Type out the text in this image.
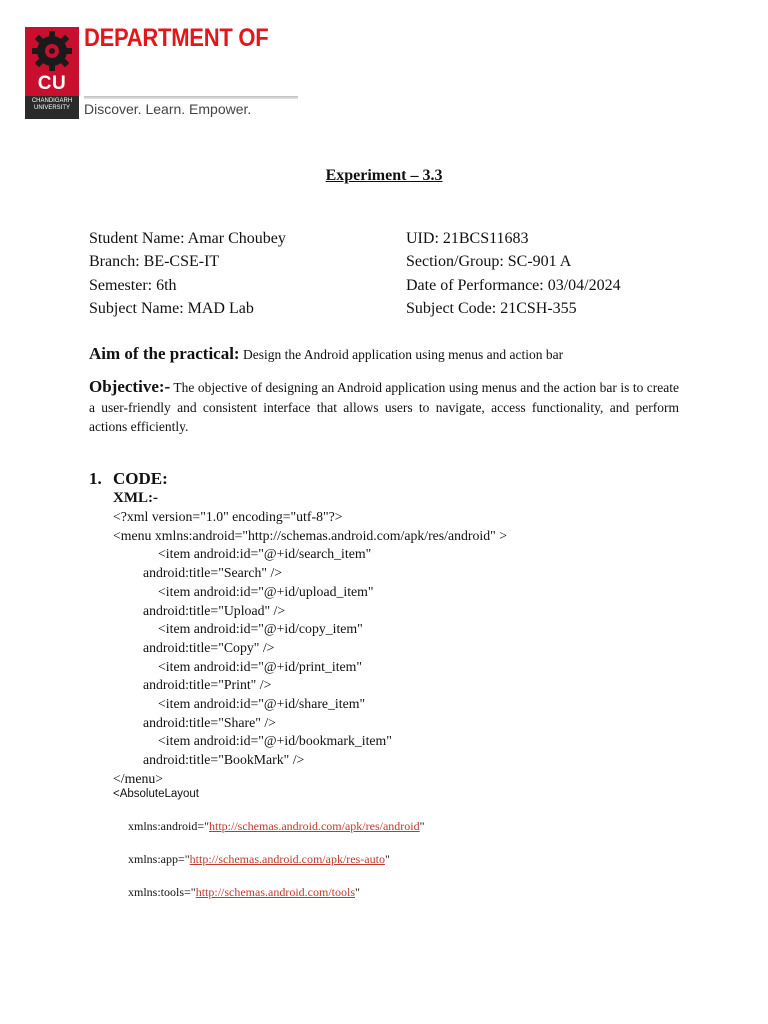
CU
CHANDIGARH
UNIVERSITY
DEPARTMENT OF
Discover. Learn. Empower.
Experiment – 3.3
Student Name: Amar Choubey
Branch: BE-CSE-IT
Semester: 6th
Subject Name: MAD Lab
UID: 21BCS11683
Section/Group: SC-901 A
Date of Performance: 03/04/2024
Subject Code: 21CSH-355
Aim of the practical: Design the Android application using menus and action bar
Objective:- The objective of designing an Android application using menus and the action bar is to create a user-friendly and consistent interface that allows users to navigate, access functionality, and perform actions efficiently.
1. CODE:
XML:-
<?xml version="1.0" encoding="utf-8"?>
<menu xmlns:android="http://schemas.android.com/apk/res/android" >
<item android:id="@+id/search_item"
android:title="Search" />
<item android:id="@+id/upload_item"
android:title="Upload" />
<item android:id="@+id/copy_item"
android:title="Copy" />
<item android:id="@+id/print_item"
android:title="Print" />
<item android:id="@+id/share_item"
android:title="Share" />
<item android:id="@+id/bookmark_item"
android:title="BookMark" />
</menu>
<AbsoluteLayout
xmlns:android="http://schemas.android.com/apk/res/android"
xmlns:app="http://schemas.android.com/apk/res-auto"
xmlns:tools="http://schemas.android.com/tools"
